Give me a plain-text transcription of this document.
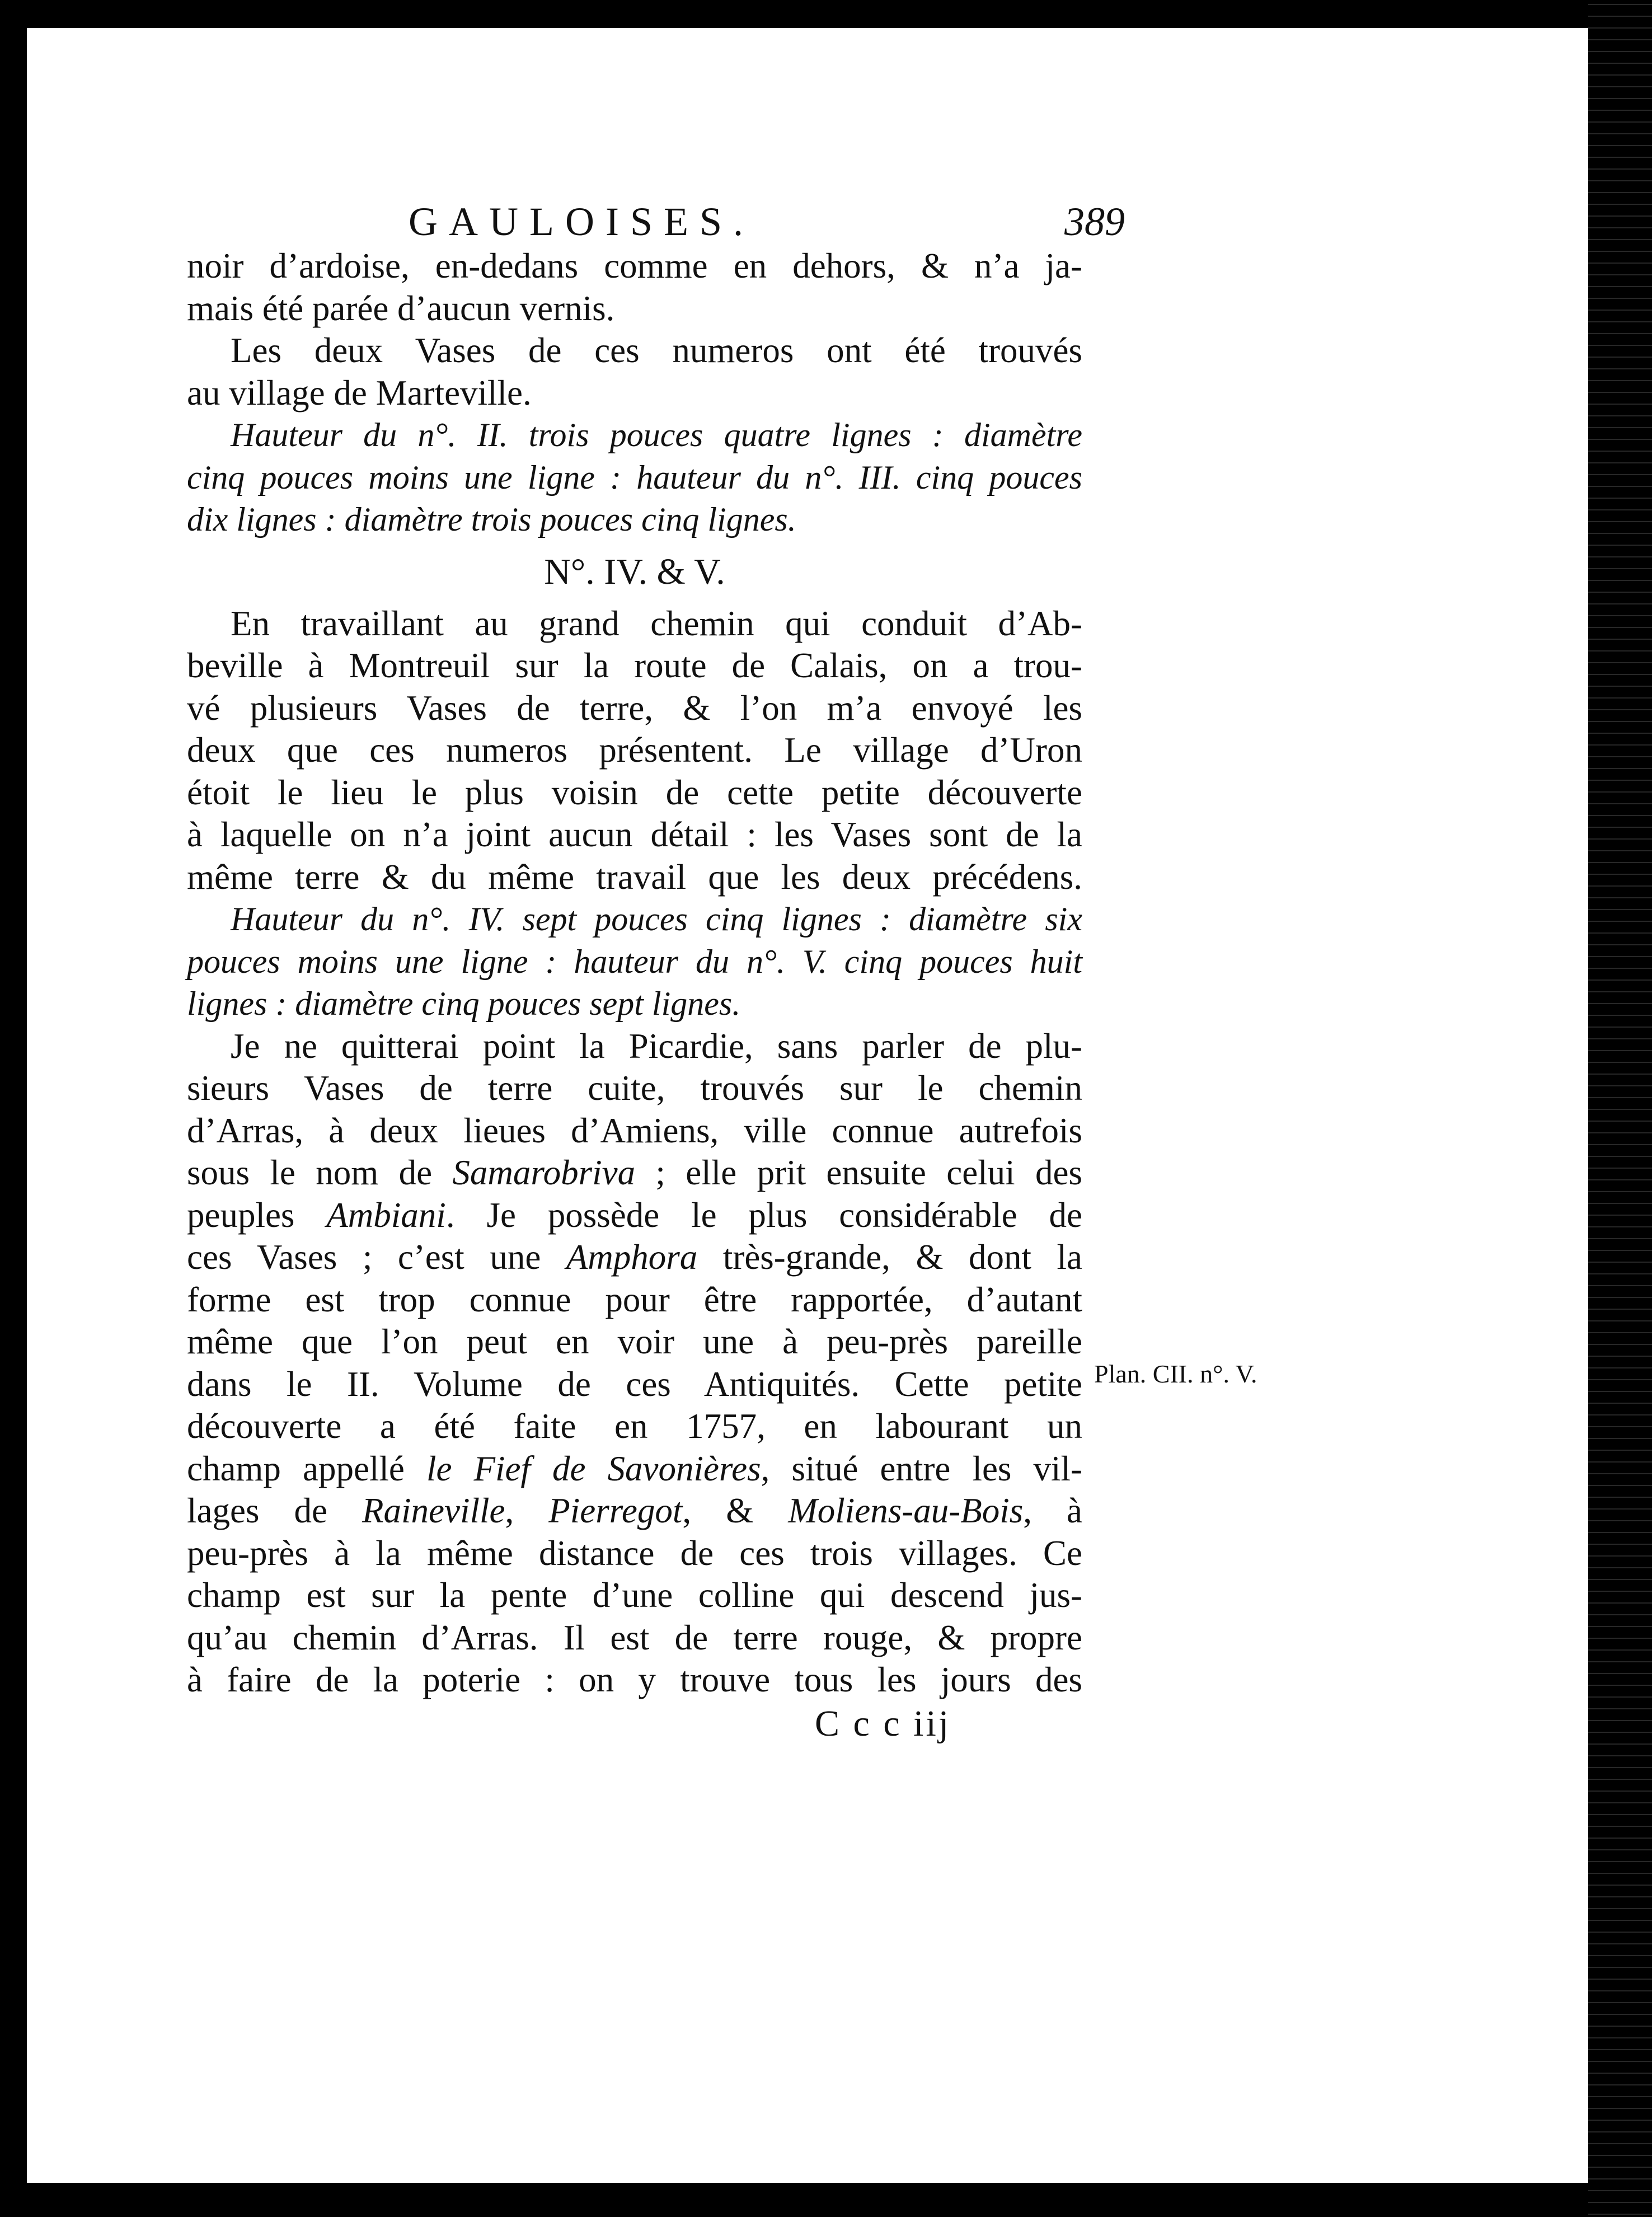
GAULOISES.	389
noir d’ardoise, en-dedans comme en dehors, & n’a ja-
mais été parée d’aucun vernis.
Les deux Vases de ces numeros ont été trouvés
au village de Marteville.
Hauteur du n°. II. trois pouces quatre lignes : diamètre
cinq pouces moins une ligne : hauteur du n°. III. cinq pouces
dix lignes : diamètre trois pouces cinq lignes.
N°. IV. & V.
En travaillant au grand chemin qui conduit d’Ab-
beville à Montreuil sur la route de Calais, on a trou-
vé plusieurs Vases de terre, & l’on m’a envoyé les
deux que ces numeros présentent. Le village d’Uron
étoit le lieu le plus voisin de cette petite découverte
à laquelle on n’a joint aucun détail : les Vases sont de la
même terre & du même travail que les deux précédens.
Hauteur du n°. IV. sept pouces cinq lignes : diamètre six
pouces moins une ligne : hauteur du n°. V. cinq pouces huit
lignes : diamètre cinq pouces sept lignes.
Je ne quitterai point la Picardie, sans parler de plu-
sieurs Vases de terre cuite, trouvés sur le chemin
d’Arras, à deux lieues d’Amiens, ville connue autrefois
sous le nom de Samarobriva ; elle prit ensuite celui des
peuples Ambiani. Je possède le plus considérable de
ces Vases ; c’est une Amphora très-grande, & dont la
forme est trop connue pour être rapportée, d’autant
même que l’on peut en voir une à peu-près pareille
dans le II. Volume de ces Antiquités. Cette petite
découverte a été faite en 1757, en labourant un
champ appellé le Fief de Savonières, situé entre les vil-
lages de Raineville, Pierregot, & Moliens-au-Bois, à
peu-près à la même distance de ces trois villages. Ce
champ est sur la pente d’une colline qui descend jus-
qu’au chemin d’Arras. Il est de terre rouge, & propre
à faire de la poterie : on y trouve tous les jours des
C c c iij
Plan. CII. n°. V.
